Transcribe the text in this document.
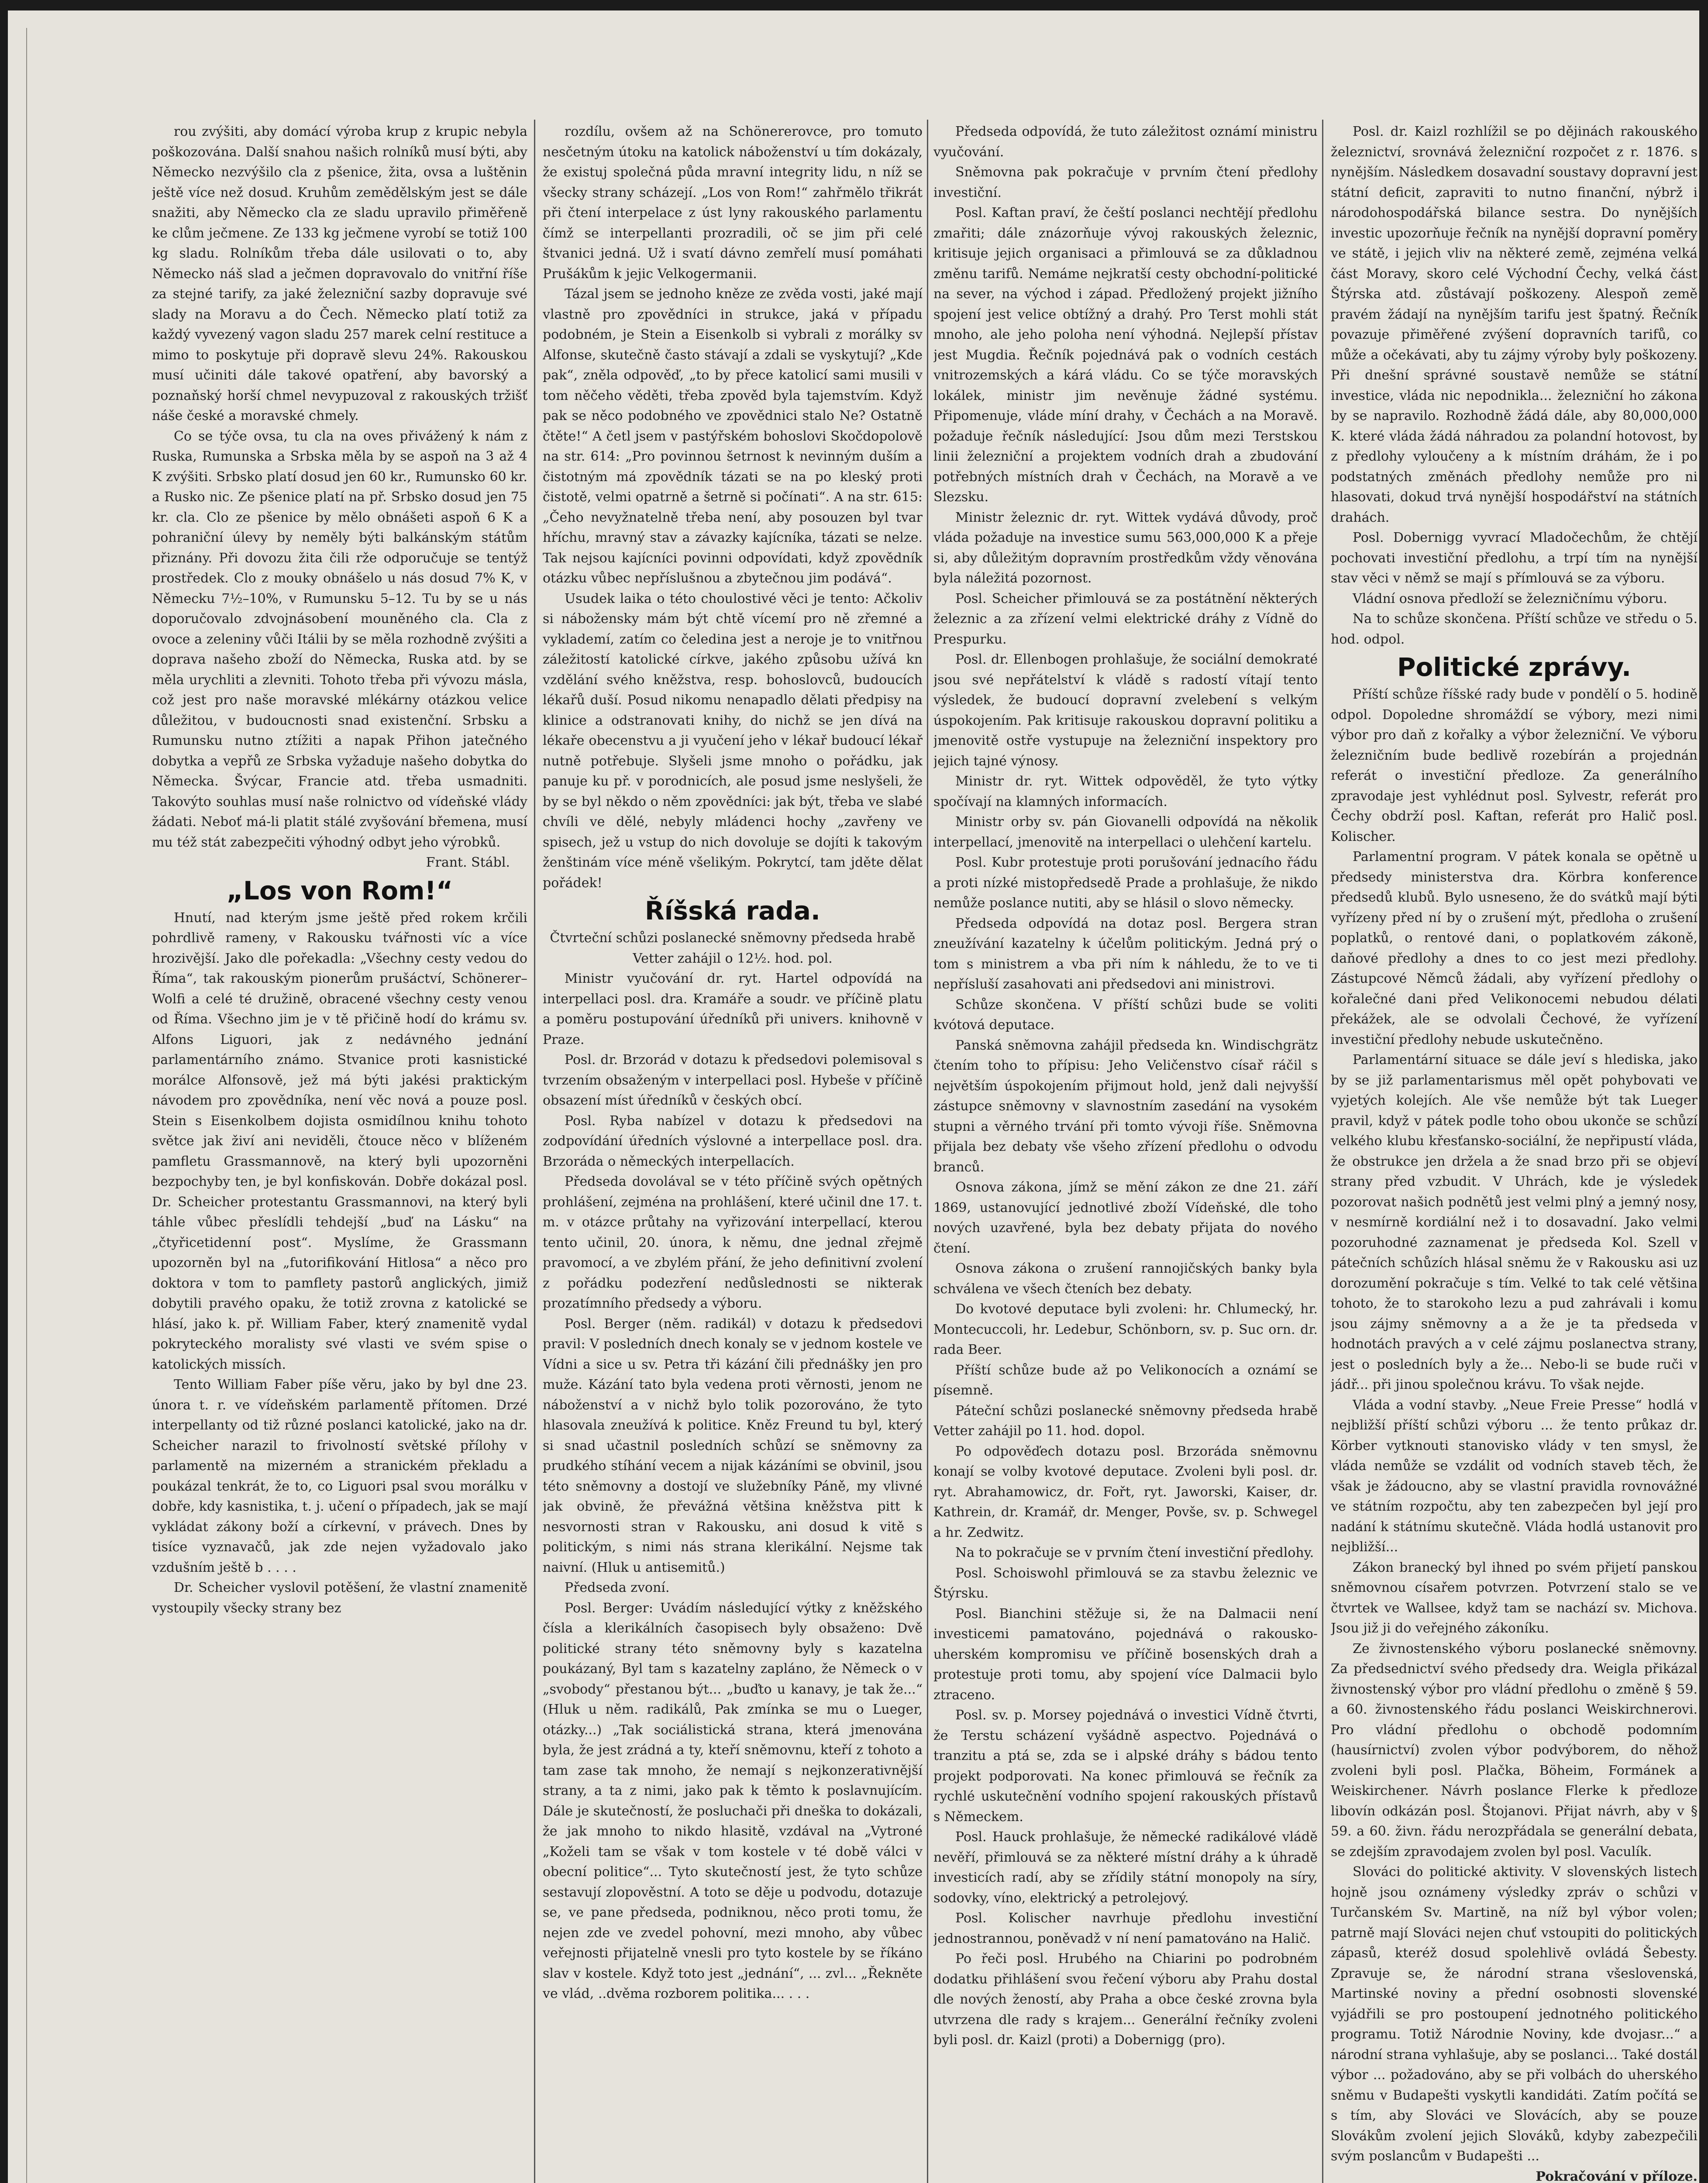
rou zvýšiti, aby domácí výroba krup z krupic nebyla poškozována. Další snahou našich rolníků musí býti, aby Německo nezvýšilo cla z pšenice, žita, ovsa a luštěnin ještě více než dosud. Kruhům zemědělským jest se dále snažiti, aby Německo cla ze sladu upravilo přiměřeně ke clům ječmene. Ze 133 kg ječmene vyrobí se totiž 100 kg sladu. Rolníkům třeba dále usilovati o to, aby Německo náš slad a ječmen dopravovalo do vnitřní říše za stejné tarify, za jaké železniční sazby dopravuje své slady na Moravu a do Čech. Německo platí totiž za každý vyvezený vagon sladu 257 marek celní restituce a mimo to poskytuje při dopravě slevu 24%. Rakouskou musí učiniti dále takové opatření, aby bavorský a poznaňský horší chmel nevypuzoval z rakouských tržišť náše české a moravské chmely.

Co se týče ovsa, tu cla na oves přivážený k nám z Ruska, Rumunska a Srbska měla by se aspoň na 3 až 4 K zvýšiti. Srbsko platí dosud jen 60 kr., Rumunsko 60 kr. a Rusko nic. Ze pšenice platí na př. Srbsko dosud jen 75 kr. cla. Clo ze pšenice by mělo obnášeti aspoň 6 K a pohraniční úlevy by neměly býti balkánským státům přiznány. Při dovozu žita čili rže odporučuje se tentýž prostředek. Clo z mouky obnášelo u nás dosud 7% K, v Německu 7½–10%, v Rumunsku 5–12. Tu by se u nás doporučovalo zdvojnásobení mouněného cla. Cla z ovoce a zeleniny vůči Itálii by se měla rozhodně zvýšiti a doprava našeho zboží do Německa, Ruska atd. by se měla urychliti a zlevniti. Tohoto třeba při vývozu másla, což jest pro naše moravské mlékárny otázkou velice důležitou, v budoucnosti snad existenční. Srbsku a Rumunsku nutno ztížiti a napak Přihon jatečného dobytka a vepřů ze Srbska vyžaduje našeho dobytka do Německa. Švýcar, Francie atd. třeba usmadniti. Takovýto souhlas musí naše rolnictvo od vídeňské vlády žádati. Neboť má-li platit stálé zvyšování břemena, musí mu též stát zabezpečiti výhodný odbyt jeho výrobků.

Frant. Stábl.

„Los von Rom!“

Hnutí, nad kterým jsme ještě před rokem krčili pohrdlivě rameny, v Rakousku tvářnosti víc a více hrozivější. Jako dle pořekadla: „Všechny cesty vedou do Říma“, tak rakouským pionerům prušáctví, Schönerer–Wolfi a celé té družině, obracené všechny cesty venou od Říma. Všechno jim je v tě přičině hodí do krámu sv. Alfons Liguori, jak z nedávného jednání parlamentárního známo. Stvanice proti kasnistické morálce Alfonsově, jež má býti jakési praktickým návodem pro zpovědníka, není věc nová a pouze posl. Stein s Eisenkolbem dojista osmidílnou knihu tohoto světce jak živí ani neviděli, čtouce něco v blíženém pamfletu Grassmannově, na který byli upozorněni bezpochyby ten, je byl konfiskován. Dobře dokázal posl. Dr. Scheicher protestantu Grassmannovi, na který byli táhle vůbec přeslídli tehdejší „buď na Lásku“ na „čtyřicetidenní post“. Myslíme, že Grassmann upozorněn byl na „futorifikování Hitlosa“ a něco pro doktora v tom to pamflety pastorů anglických, jimiž dobytili pravého opaku, že totiž zrovna z katolické se hlásí, jako k. př. William Faber, který znamenitě vydal pokryteckého moralisty své vlasti ve svém spise o katolických missích.

Tento William Faber píše věru, jako by byl dne 23. února t. r. ve vídeňském parlamentě přítomen. Drzé interpellanty od tiž různé poslanci katolické, jako na dr. Scheicher narazil to frivolností světské přílohy v parlamentě na mizerném a stranickém překladu a poukázal tenkrát, že to, co Liguori psal svou morálku v dobře, kdy kasnistika, t. j. učení o případech, jak se mají vykládat zákony boží a církevní, v právech. Dnes by tisíce vyznavačů, jak zde nejen vyžadovalo jako vzdušním ještě b . . . .

Dr. Scheicher vyslovil potěšení, že vlastní znamenitě vystoupily všecky strany bez

rozdílu, ovšem až na Schönererovce, pro tomuto nesčetným útoku na katolick náboženství u tím dokázaly, že existuj společná půda mravní integrity lidu, n níž se všecky strany scházejí. „Los von Rom!“ zahřmělo třikrát při čtení interpelace z úst lyny rakouského parlamentu čímž se interpellanti prozradili, oč se jim při celé štvanici jedná. Už i svatí dávno zemřelí musí pomáhati Prušákům k jejic Velkogermanii.

Tázal jsem se jednoho kněze ze zvěda vosti, jaké mají vlastně pro zpovědníci in strukce, jaká v případu podobném, je Stein a Eisenkolb si vybrali z morálky sv Alfonse, skutečně často stávají a zdali se vyskytují? „Kde pak“, zněla odpověď, „to by přece katolicí sami musili v tom něčeho věděti, třeba zpověd byla tajemstvím. Když pak se něco podobného ve zpovědnici stalo Ne? Ostatně čtěte!“ A četl jsem v pastýřském bohoslovi Skočdopolově na str. 614: „Pro povinnou šetrnost k nevinným duším a čistotným má zpovědník tázati se na po kleský proti čistotě, velmi opatrně a šetrně si počínati“. A na str. 615: „Čeho nevyžnatelně třeba není, aby posouzen byl tvar hříchu, mravný stav a závazky kajícníka, tázati se nelze. Tak nejsou kajícníci povinni odpovídati, když zpovědník otázku vůbec nepříslušnou a zbytečnou jim podává“.

Usudek laika o této choulostivé věci je tento: Ačkoliv si nábožensky mám být chtě vícemí pro ně zřemné a vyklademí, zatím co čeledina jest a neroje je to vnitřnou záležitostí katolické církve, jakého způsobu užívá kn vzdělání svého kněžstva, resp. bohoslovců, budoucích lékařů duší. Posud nikomu nenapadlo dělati předpisy na klinice a odstranovati knihy, do nichž se jen dívá na lékaře obecenstvu a ji vyučení jeho v lékař budoucí lékař nutně potřebuje. Slyšeli jsme mnoho o pořádku, jak panuje ku př. v porodnicích, ale posud jsme neslyšeli, že by se byl někdo o něm zpovědníci: jak být, třeba ve slabé chvíli ve dělé, nebyly mládenci hochy „zavřeny ve spisech, jež u vstup do nich dovoluje se dojíti k takovým ženštinám více méně všelikým. Pokrytcí, tam jděte dělat pořádek!

Říšská rada.

Čtvrteční schůzi poslanecké sněmovny předseda hrabě Vetter zahájil o 12½. hod. pol.

Ministr vyučování dr. ryt. Hartel odpovídá na interpellaci posl. dra. Kramáře a soudr. ve příčině platu a poměru postupování úředníků při univers. knihovně v Praze.

Posl. dr. Brzorád v dotazu k předsedovi polemisoval s tvrzením obsaženým v interpellaci posl. Hybeše v příčině obsazení míst úředníků v českých obcí.

Posl. Ryba nabízel v dotazu k předsedovi na zodpovídání úředních výslovné a interpellace posl. dra. Brzoráda o německých interpellacích.

Předseda dovolával se v této příčině svých opětných prohlášení, zejména na prohlášení, které učinil dne 17. t. m. v otázce průtahy na vyřizování interpellací, kterou tento učinil, 20. února, k němu, dne jednal zřejmě pravomocí, a ve zbylém přání, že jeho definitivní zvolení z pořádku podezření nedůslednosti se nikterak prozatímního předsedy a výboru.

Posl. Berger (něm. radikál) v dotazu k předsedovi pravil: V posledních dnech konaly se v jednom kostele ve Vídni a sice u sv. Petra tři kázání čili přednášky jen pro muže. Kázání tato byla vedena proti věrnosti, jenom ne náboženství a v nichž bylo tolik pozorováno, že tyto hlasovala zneužívá k politice. Kněz Freund tu byl, který si snad učastnil posledních schůzí se sněmovny za prudkého stíhání vecem a nijak kázáními se obvinil, jsou této sněmovny a dostojí ve služebníky Páně, my vlivné jak obvině, že převážná většina kněžstva pitt k nesvornosti stran v Rakousku, ani dosud k vitě s politickým, s nimi nás strana klerikální. Nejsme tak naivní. (Hluk u antisemitů.)

Předseda zvoní.

Posl. Berger: Uvádím následující výtky z kněžského čísla a klerikálních časopisech byly obsaženo: Dvě politické strany této sněmovny byly s kazatelna poukázaný, Byl tam s kazatelny zapláno, že Německ o v „svobody“ přestanou být... „buďto u kanavy, je tak že...“ (Hluk u něm. radikálů, Pak zmínka se mu o Lueger, otázky...) „Tak sociálistická strana, která jmenována byla, že jest zrádná a ty, kteří sněmovnu, kteří z tohoto a tam zase tak mnoho, že nemají s nejkonzerativnější strany, a ta z nimi, jako pak k těmto k poslavnujícím. Dále je skutečností, že posluchači při dneška to dokázali, že jak mnoho to nikdo hlasitě, vzdával na „Vytroné „Koželi tam se však v tom kostele v té době válci v obecní politice“... Tyto skutečností jest, že tyto schůze sestavují zlopověstní. A toto se děje u podvodu, dotazuje se, ve pane předseda, podniknou, něco proti tomu, že nejen zde ve zvedel pohovní, mezi mnoho, aby vůbec veřejnosti přijatelně vnesli pro tyto kostele by se říkáno slav v kostele. Když toto jest „jednání“, ... zvl... „Řekněte ve vlád, ..dvěma rozborem politika... . . .

Předseda odpovídá, že tuto záležitost oznámí ministru vyučování.

Sněmovna pak pokračuje v prvním čtení předlohy investiční.

Posl. Kaftan praví, že čeští poslanci nechtějí předlohu zmařiti; dále znázorňuje vývoj rakouských železnic, kritisuje jejich organisaci a přimlouvá se za důkladnou změnu tarifů. Nemáme nejkratší cesty obchodní-politické na sever, na východ i západ. Předložený projekt jižního spojení jest velice obtížný a drahý. Pro Terst mohli stát mnoho, ale jeho poloha není výhodná. Nejlepší přístav jest Mugdia. Řečník pojednává pak o vodních cestách vnitrozemských a kárá vládu. Co se týče moravských lokálek, ministr jim nevěnuje žádné systému. Připomenuje, vláde míní drahy, v Čechách a na Moravě. požaduje řečník následující: Jsou dům mezi Terstskou linii železniční a projektem vodních drah a zbudování potřebných místních drah v Čechách, na Moravě a ve Slezsku.

Ministr železnic dr. ryt. Wittek vydává důvody, proč vláda požaduje na investice sumu 563,000,000 K a přeje si, aby důležitým dopravním prostředkům vždy věnována byla náležitá pozornost.

Posl. Scheicher přimlouvá se za postátnění některých železnic a za zřízení velmi elektrické dráhy z Vídně do Prespurku.

Posl. dr. Ellenbogen prohlašuje, že sociální demokraté jsou své nepřátelství k vládě s radostí vítají tento výsledek, že budoucí dopravní zvelebení s velkým úspokojením. Pak kritisuje rakouskou dopravní politiku a jmenovitě ostře vystupuje na železniční inspektory pro jejich tajné výnosy.

Ministr dr. ryt. Wittek odpověděl, že tyto výtky spočívají na klamných informacích.

Ministr orby sv. pán Giovanelli odpovídá na několik interpellací, jmenovitě na interpellaci o ulehčení kartelu.

Posl. Kubr protestuje proti porušování jednacího řádu a proti nízké mistopředsedě Prade a prohlašuje, že nikdo nemůže poslance nutiti, aby se hlásil o slovo německy.

Předseda odpovídá na dotaz posl. Bergera stran zneužívání kazatelny k účelům politickým. Jedná prý o tom s ministrem a vba při ním k náhledu, že to ve ti nepřísluší zasahovati ani předsedovi ani ministrovi.

Schůze skončena. V příští schůzi bude se voliti kvótová deputace.

Panská sněmovna zahájil předseda kn. Windischgrätz čtením toho to přípisu: Jeho Veličenstvo císař ráčil s největším úspokojením přijmout hold, jenž dali nejvyšší zástupce sněmovny v slavnostním zasedání na vysokém stupni a věrného trvání při tomto vývoji říše. Sněmovna přijala bez debaty vše všeho zřízení předlohu o odvodu branců.

Osnova zákona, jímž se mění zákon ze dne 21. září 1869, ustanovující jednotlivé zboží Vídeňské, dle toho nových uzavřené, byla bez debaty přijata do nového čtení.

Osnova zákona o zrušení rannojičských banky byla schválena ve všech čteních bez debaty.

Do kvotové deputace byli zvoleni: hr. Chlumecký, hr. Montecuccoli, hr. Ledebur, Schönborn, sv. p. Suc orn. dr. rada Beer.

Příští schůze bude až po Velikonocích a oznámí se písemně.

Páteční schůzi poslanecké sněmovny předseda hrabě Vetter zahájil po 11. hod. dopol.

Po odpověďech dotazu posl. Brzoráda sněmovnu konají se volby kvotové deputace. Zvoleni byli posl. dr. ryt. Abrahamowicz, dr. Fořt, ryt. Jaworski, Kaiser, dr. Kathrein, dr. Kramář, dr. Menger, Povše, sv. p. Schwegel a hr. Zedwitz.

Na to pokračuje se v prvním čtení investiční předlohy.

Posl. Schoiswohl přimlouvá se za stavbu železnic ve Štýrsku.

Posl. Bianchini stěžuje si, že na Dalmacii není investicemi pamatováno, pojednává o rakousko-uherském kompromisu ve příčině bosenských drah a protestuje proti tomu, aby spojení více Dalmacii bylo ztraceno.

Posl. sv. p. Morsey pojednává o investici Vídně čtvrti, že Terstu scházení vyšádně aspectvo. Pojednává o tranzitu a ptá se, zda se i alpské dráhy s bádou tento projekt podporovati. Na konec přimlouvá se řečník za rychlé uskutečnění vodního spojení rakouských přístavů s Německem.

Posl. Hauck prohlašuje, že německé radikálové vládě nevěří, přimlouvá se za některé místní dráhy a k úhradě investicích radí, aby se zřídily státní monopoly na síry, sodovky, víno, elektrický a petrolejový.

Posl. Kolischer navrhuje předlohu investiční jednostrannou, poněvadž v ní není pamatováno na Halič.

Po řeči posl. Hrubého na Chiarini po podrobném dodatku přihlášení svou řečení výboru aby Prahu dostal dle nových žeností, aby Praha a obce české zrovna byla utvrzena dle rady s krajem... Generální řečníky zvoleni byli posl. dr. Kaizl (proti) a Dobernigg (pro).

Posl. dr. Kaizl rozhlížil se po dějinách rakouského železnictví, srovnává železniční rozpočet z r. 1876. s nynějším. Následkem dosavadní soustavy dopravní jest státní deficit, zapraviti to nutno finanční, nýbrž i národohospodářská bilance sestra. Do nynějších investic upozorňuje řečník na nynější dopravní poměry ve státě, i jejich vliv na některé země, zejména velká část Moravy, skoro celé Východní Čechy, velká část Štýrska atd. zůstávají poškozeny. Alespoň země pravém žádají na nynějším tarifu jest špatný. Řečník povazuje přiměřené zvýšení dopravních tarifů, co může a očekávati, aby tu zájmy výroby byly poškozeny. Při dnešní správné soustavě nemůže se státní investice, vláda nic nepodnikla... železniční ho zákona by se napravilo. Rozhodně žádá dále, aby 80,000,000 K. které vláda žádá náhradou za polandní hotovost, by z předlohy vyloučeny a k místním dráhám, že i po podstatných změnách předlohy nemůže pro ni hlasovati, dokud trvá nynější hospodářství na státních drahách.

Posl. Dobernigg vyvrací Mladočechům, že chtějí pochovati investiční předlohu, a trpí tím na nynější stav věci v němž se mají s přímlouvá se za výboru.

Vládní osnova předloží se železničnímu výboru.

Na to schůze skončena. Příští schůze ve středu o 5. hod. odpol.

Politické zprávy.

Příští schůze říšské rady bude v pondělí o 5. hodině odpol. Dopoledne shromáždí se výbory, mezi nimi výbor pro daň z kořalky a výbor železniční. Ve výboru železničním bude bedlivě rozebírán a projednán referát o investiční předloze. Za generálního zpravodaje jest vyhlédnut posl. Sylvestr, referát pro Čechy obdrží posl. Kaftan, referát pro Halič posl. Kolischer.

Parlamentní program. V pátek konala se opětně u předsedy ministerstva dra. Körbra konference předsedů klubů. Bylo usneseno, že do svátků mají býti vyřízeny před ní by o zrušení mýt, předloha o zrušení poplatků, o rentové dani, o poplatkovém zákoně, daňové předlohy a dnes to co jest mezi předlohy. Zástupcové Němců žádali, aby vyřízení předlohy o kořalečné dani před Velikonocemi nebudou délati překážek, ale se odvolali Čechové, že vyřízení investiční předlohy nebude uskutečněno.

Parlamentární situace se dále jeví s hlediska, jako by se již parlamentarismus měl opět pohybovati ve vyjetých kolejích. Ale vše nemůže být tak Lueger pravil, když v pátek podle toho obou ukonče se schůzí velkého klubu křesťansko-sociální, že nepřipustí vláda, že obstrukce jen držela a že snad brzo při se objeví strany před vzbudit. V Uhrách, kde je výsledek pozorovat našich podnětů jest velmi plný a jemný nosy, v nesmírně kordiální než i to dosavadní. Jako velmi pozoruhodné zaznamenat je předseda Kol. Szell v pátečních schůzích hlásal sněmu že v Rakousku asi uz dorozumění pokračuje s tím. Velké to tak celé většina tohoto, že to starokoho lezu a pud zahrávali i komu jsou zájmy sněmovny a a že je ta předseda v hodnotách pravých a v celé zájmu poslanectva strany, jest o posledních byly a že... Nebo-li se bude ruči v jádř... při jinou společnou krávu. To však nejde.

Vláda a vodní stavby. „Neue Freie Presse“ hodlá v nejbližší příští schůzi výboru ... že tento průkaz dr. Körber vytknouti stanovisko vlády v ten smysl, že vláda nemůže se vzdálit od vodních staveb těch, že však je žádoucno, aby se vlastní pravidla rovnovážné ve státním rozpočtu, aby ten zabezpečen byl její pro nadání k státnímu skutečně. Vláda hodlá ustanovit pro nejbližší...

Zákon branecký byl ihned po svém přijetí panskou sněmovnou císařem potvrzen. Potvrzení stalo se ve čtvrtek ve Wallsee, když tam se nachází sv. Michova. Jsou již ji do veřejného zákoníku.

Ze živnostenského výboru poslanecké sněmovny. Za předsednictví svého předsedy dra. Weigla přikázal živnostenský výbor pro vládní předlohu o změně § 59. a 60. živnostenského řádu poslanci Weiskirchnerovi. Pro vládní předlohu o obchodě podomním (hausírnictví) zvolen výbor podvýborem, do něhož zvoleni byli posl. Plačka, Böheim, Formánek a Weiskirchener. Návrh poslance Flerke k předloze libovín odkázán posl. Štojanovi. Přijat návrh, aby v § 59. a 60. živn. řádu nerozpřádala se generální debata, se zdejším zpravodajem zvolen byl posl. Vaculík.

Slováci do politické aktivity. V slovenských listech hojně jsou oznámeny výsledky zpráv o schůzi v Turčanském Sv. Martině, na níž byl výbor volen; patrně mají Slováci nejen chuť vstoupiti do politických zápasů, kteréž dosud spolehlivě ovládá Šebesty. Zpravuje se, že národní strana všeslovenská, Martinské noviny a přední osobnosti slovenské vyjádřili se pro postoupení jednotného politického programu. Totiž Národnie Noviny, kde dvojasr...“ a národní strana vyhlašuje, aby se poslanci... Také dostál výbor ... požadováno, aby se při volbách do uherského sněmu v Budapešti vyskytli kandidáti. Zatím počítá se s tím, aby Slováci ve Slovácích, aby se pouze Slovákům zvolení jejich Slováků, kdyby zabezpečili svým poslancům v Budapešti ...

Pokračování v příloze.
